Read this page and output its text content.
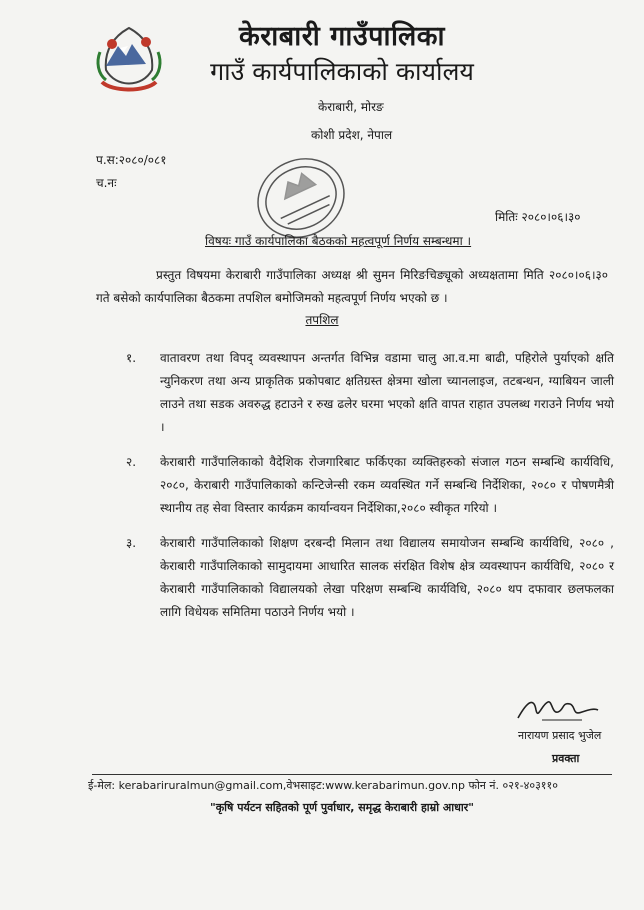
केराबारी गाउँपालिका
गाउँ कार्यपालिकाको कार्यालय
केराबारी, मोरङ
कोशी प्रदेश, नेपाल
प.स:२०८०/०८१
च.नः
मितिः २०८०।०६।३०
विषयः गाउँ कार्यपालिका बैठकको महत्वपूर्ण निर्णय सम्बन्धमा ।
प्रस्तुत विषयमा केराबारी गाउँपालिका अध्यक्ष श्री सुमन मिरिङचिङ्यूको अध्यक्षतामा मिति २०८०।०६।३० गते बसेको कार्यपालिका बैठकमा तपशिल बमोजिमको महत्वपूर्ण निर्णय भएको छ ।
तपशिल
१. वातावरण तथा विपद् व्यवस्थापन अन्तर्गत विभिन्न वडामा चालु आ.व.मा बाढी, पहिरोले पुर्याएको क्षति न्युनिकरण तथा अन्य प्राकृतिक प्रकोपबाट क्षतिग्रस्त क्षेत्रमा खोला च्यानलाइज, तटबन्धन, ग्याबियन जाली लाउने तथा सडक अवरुद्ध हटाउने र रुख ढलेर घरमा भएको क्षति वापत राहात उपलब्ध गराउने निर्णय भयो ।
२. केराबारी गाउँपालिकाको वैदेशिक रोजगारिबाट फर्किएका व्यक्तिहरुको संजाल गठन सम्बन्धि कार्यविधि, २०८०, केराबारी गाउँपालिकाको कन्टिजेन्सी रकम व्यवस्थित गर्ने सम्बन्धि निर्देशिका, २०८० र पोषणमैत्री स्थानीय तह सेवा विस्तार कार्यक्रम कार्यान्वयन निर्देशिका,२०८० स्वीकृत गरियो ।
३. केराबारी गाउँपालिकाको शिक्षण दरबन्दी मिलान तथा विद्यालय समायोजन सम्बन्धि कार्यविधि, २०८० , केराबारी गाउँपालिकाको सामुदायमा आधारित सालक संरक्षित विशेष क्षेत्र व्यवस्थापन कार्यविधि, २०८० र केराबारी गाउँपालिकाको विद्यालयको लेखा परिक्षण सम्बन्धि कार्यविधि, २०८० थप दफावार छलफलका लागि विधेयक समितिमा पठाउने निर्णय भयो ।
नारायण प्रसाद भुजेल
प्रवक्ता
ई-मेल: kerabariruralmun@gmail.com,वेभसाइट:www.kerabarimun.gov.np फोन नं. ०२१-४०३११०
"कृषि पर्यटन सहितको पूर्ण पुर्वाधार, समृद्ध केराबारी हाम्रो आधार"
